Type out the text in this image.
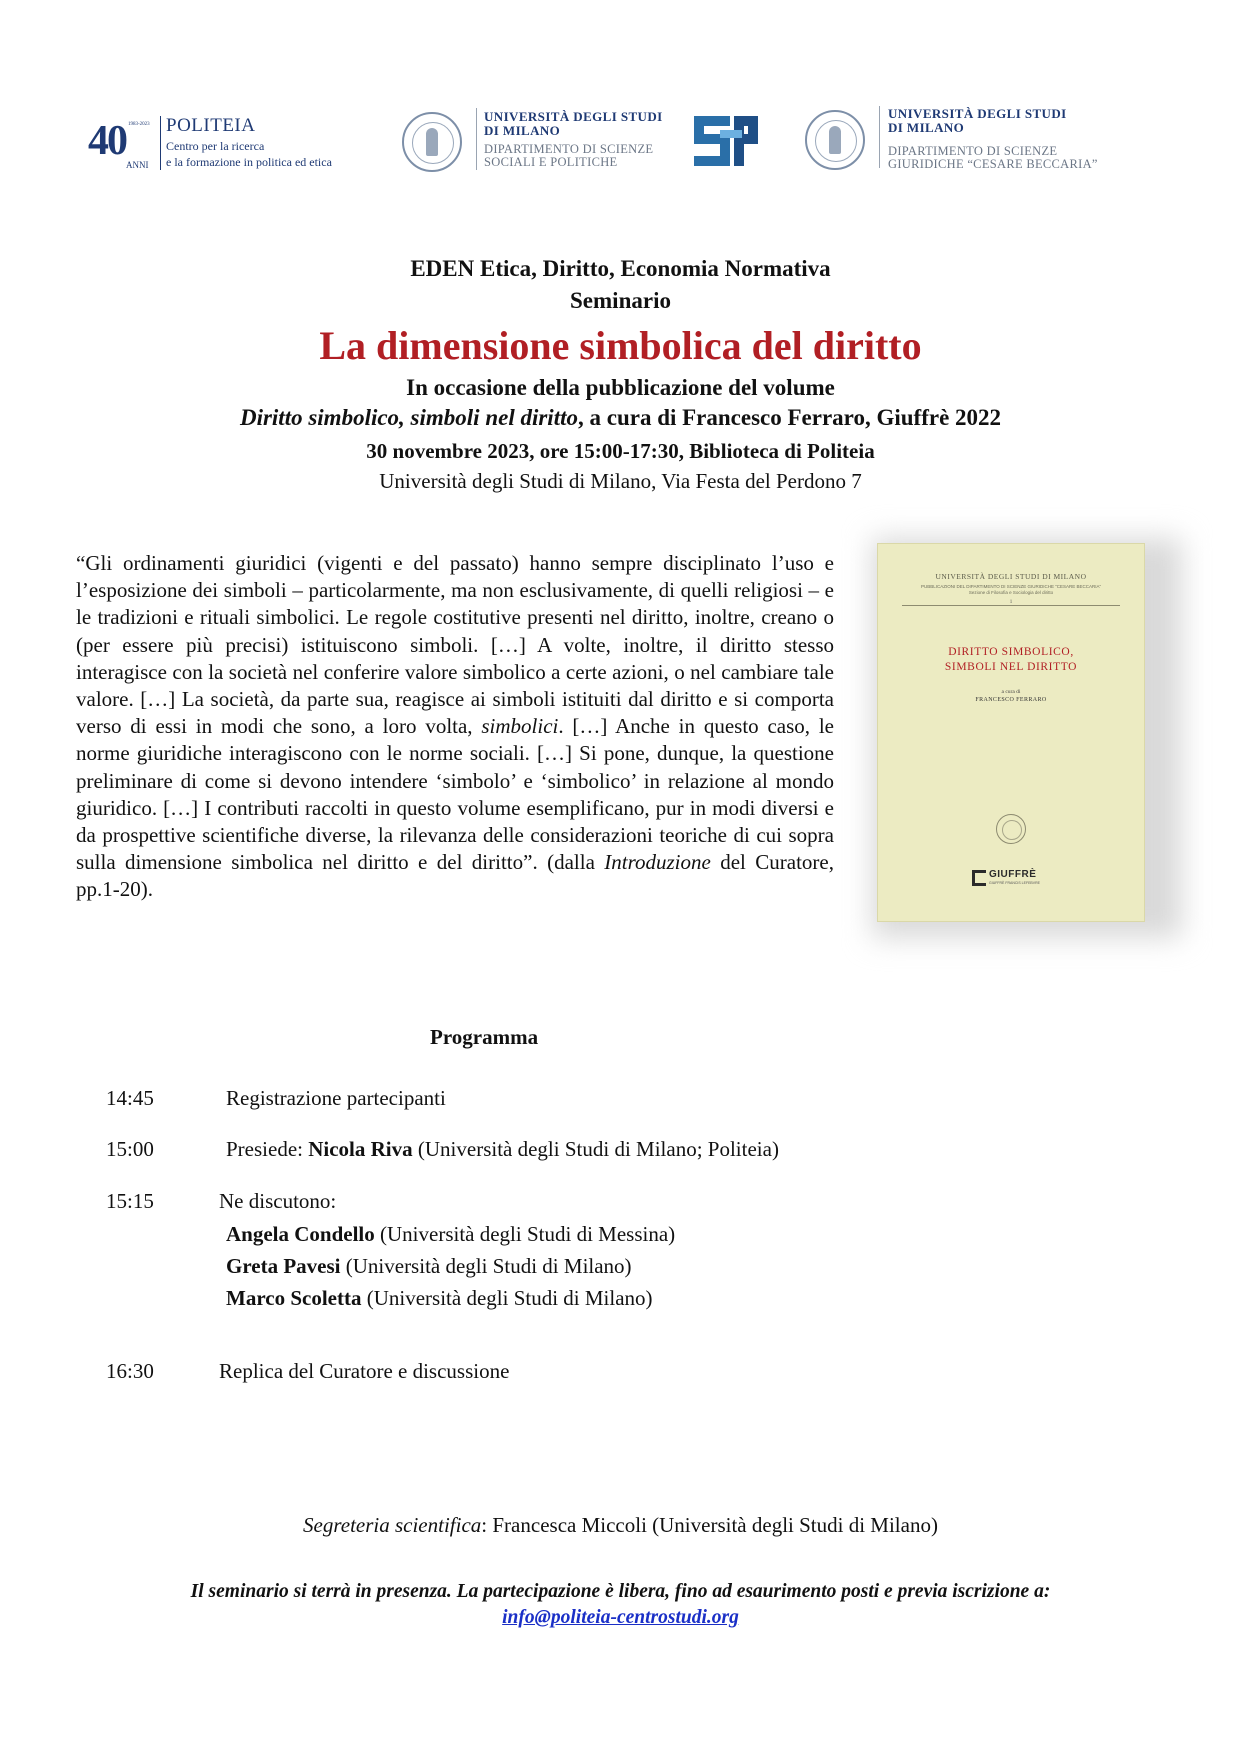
40 1983-2023
ANNI
POLITEIA
Centro per la ricerca
e la formazione in politica ed etica
UNIVERSITÀ DEGLI STUDI
DI MILANO
DIPARTIMENTO DI SCIENZE
SOCIALI E POLITICHE
UNIVERSITÀ DEGLI STUDI
DI MILANO
DIPARTIMENTO DI SCIENZE
GIURIDICHE “CESARE BECCARIA”
EDEN Etica, Diritto, Economia Normativa
Seminario
La dimensione simbolica del diritto
In occasione della pubblicazione del volume
Diritto simbolico, simboli nel diritto, a cura di Francesco Ferraro, Giuffrè 2022
30 novembre 2023, ore 15:00-17:30, Biblioteca di Politeia
Università degli Studi di Milano, Via Festa del Perdono 7
“Gli ordinamenti giuridici (vigenti e del passato) hanno sempre disciplinato l’uso e l’esposizione dei simboli – particolarmente, ma non esclusivamente, di quelli religiosi – e le tradizioni e rituali simbolici. Le regole costitutive presenti nel diritto, inoltre, creano o (per essere più precisi) istituiscono simboli. […] A volte, inoltre, il diritto stesso interagisce con la società nel conferire valore simbolico a certe azioni, o nel cambiare tale valore. […] La società, da parte sua, reagisce ai simboli istituiti dal diritto e si comporta verso di essi in modi che sono, a loro volta, simbolici. […] Anche in questo caso, le norme giuridiche interagiscono con le norme sociali. […] Si pone, dunque, la questione preliminare di come si devono intendere ‘simbolo’ e ‘simbolico’ in relazione al mondo giuridico. […] I contributi raccolti in questo volume esemplificano, pur in modi diversi e da prospettive scientifiche diverse, la rilevanza delle considerazioni teoriche di cui sopra sulla dimensione simbolica nel diritto e del diritto”. (dalla Introduzione del Curatore, pp.1-20).
UNIVERSITÀ DEGLI STUDI DI MILANO
PUBBLICAZIONI DEL DIPARTIMENTO DI SCIENZE GIURIDICHE “CESARE BECCARIA”
Sezione di Filosofia e Sociologia del diritto
1
DIRITTO SIMBOLICO,
SIMBOLI NEL DIRITTO
a cura di
FRANCESCO FERRARO
GIUFFRÈ
GIUFFRÈ FRANCIS LEFEBVRE
Programma
14:45	Registrazione partecipanti
15:00	Presiede: Nicola Riva (Università degli Studi di Milano; Politeia)
15:15	Ne discutono:
Angela Condello (Università degli Studi di Messina)
Greta Pavesi (Università degli Studi di Milano)
Marco Scoletta (Università degli Studi di Milano)
16:30	Replica del Curatore e discussione
Segreteria scientifica: Francesca Miccoli (Università degli Studi di Milano)
Il seminario si terrà in presenza. La partecipazione è libera, fino ad esaurimento posti e previa iscrizione a:
info@politeia-centrostudi.org
